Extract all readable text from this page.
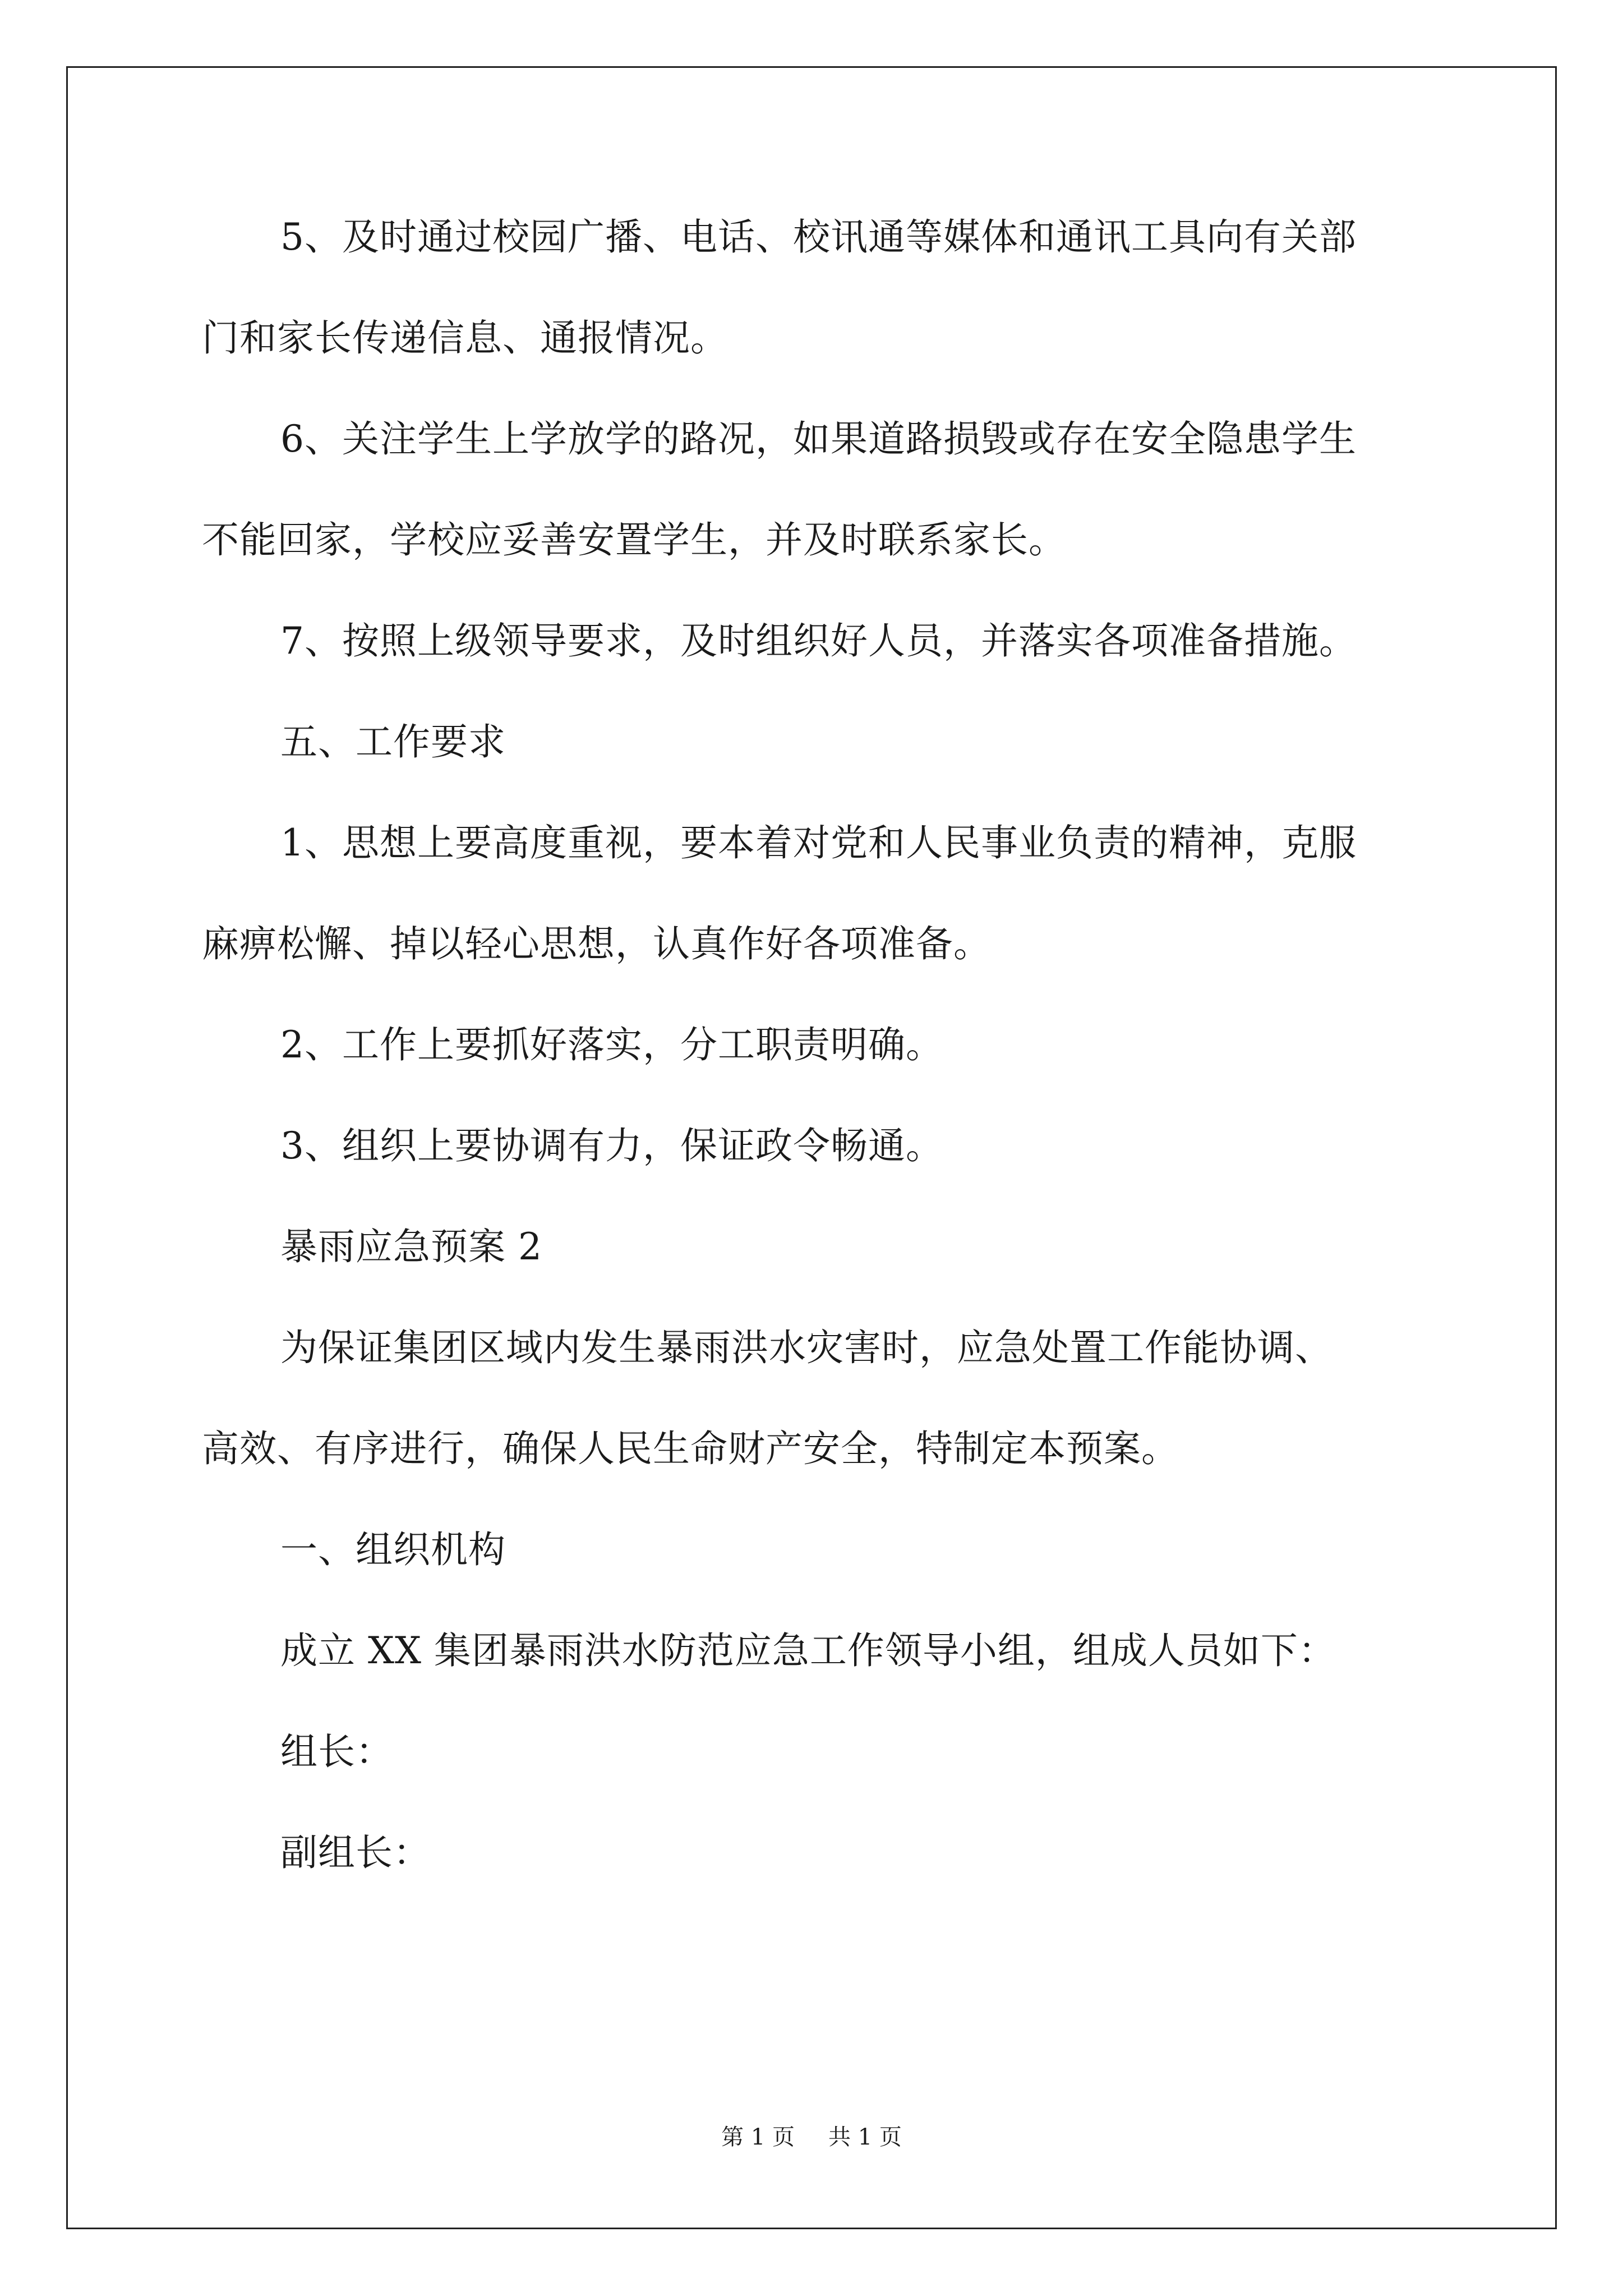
5、及时通过校园广播、电话、校讯通等媒体和通讯工具向有关部
门和家长传递信息、通报情况。
6、关注学生上学放学的路况，如果道路损毁或存在安全隐患学生
不能回家，学校应妥善安置学生，并及时联系家长。
7、按照上级领导要求，及时组织好人员，并落实各项准备措施。
五、工作要求
1、思想上要高度重视，要本着对党和人民事业负责的精神，克服
麻痹松懈、掉以轻心思想，认真作好各项准备。
2、工作上要抓好落实，分工职责明确。
3、组织上要协调有力，保证政令畅通。
暴雨应急预案 2
为保证集团区域内发生暴雨洪水灾害时，应急处置工作能协调、
高效、有序进行，确保人民生命财产安全，特制定本预案。
一、组织机构
成立 XX 集团暴雨洪水防范应急工作领导小组，组成人员如下：
组长：
副组长：
第 1 页 共 1 页
